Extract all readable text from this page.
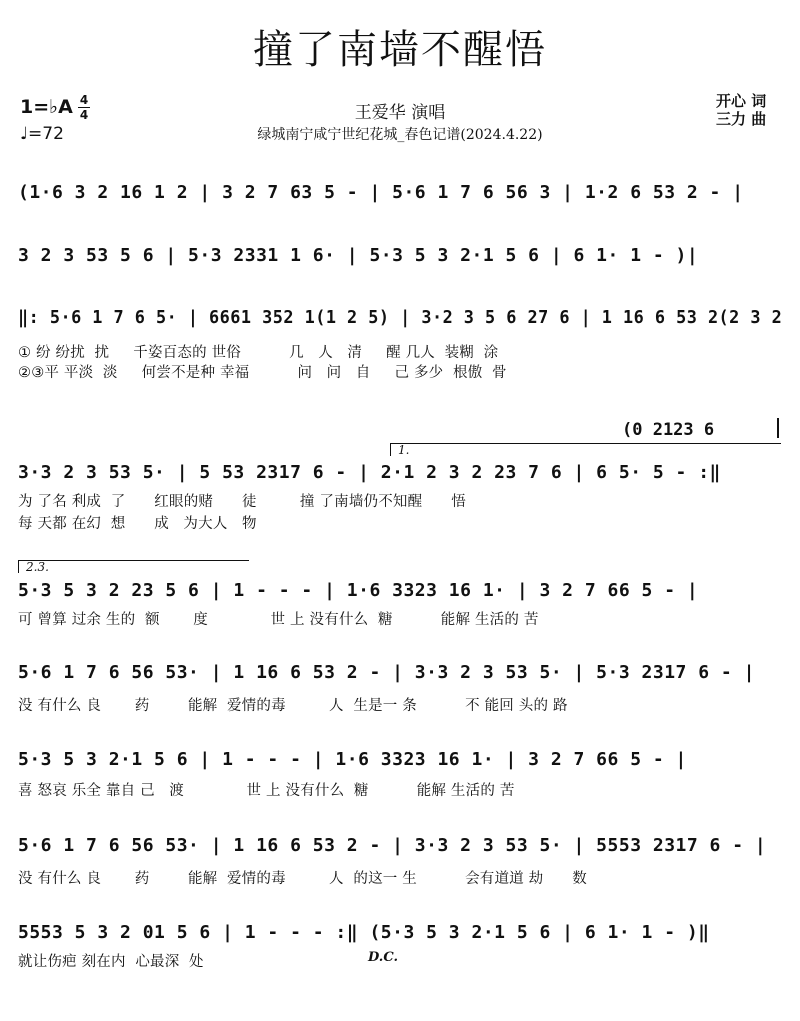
撞了南墙不醒悟
1=♭A 4
4
♩=72
王爱华 演唱
绿城南宁咸宁世纪花城_春色记谱(2024.4.22)
开心 词
三力 曲
(1·6 3 2 16 1 2 | 3 2 7 63 5 - | 5·6 1 7 6 56 3 | 1·2 6 53 2 - |
3 2 3 53 5 6 | 5·3 2331 1 6· | 5·3 5 3 2·1 5 6 | 6 1· 1 - )|
‖: 5·6 1 7 6 5· | 6661 352 1(1 2 5) | 3·2 3 5 6 27 6 | 1 16 6 53 2(2 3 2
① 纷 纷扰  扰     千姿百态的 世俗          几   人   清     醒 几人  装糊  涂
②③平 平淡  淡     何尝不是种 幸福          问   问   自     己 多少  根傲  骨
(0 2123 6
1.
3·3 2 3 53 5· | 5 53 2317 6 - | 2·1 2 3 2 23 7 6 | 6 5· 5 - :‖
为 了名 利成  了      红眼的赌      徒         撞 了南墙仍不知醒      悟
每 天都 在幻  想      成   为大人   物
2.3.
5·3 5 3 2 23 5 6 | 1 - - - | 1·6 3323 16 1· | 3 2 7 66 5 - |
可 曾算 过余 生的  额       度             世 上 没有什么  糖          能解 生活的 苦
5·6 1 7 6 56 53· | 1 16 6 53 2 - | 3·3 2 3 53 5· | 5·3 2317 6 - |
没 有什么 良       药        能解  爱情的毒         人  生是一 条          不 能回 头的 路
5·3 5 3 2·1 5 6 | 1 - - - | 1·6 3323 16 1· | 3 2 7 66 5 - |
喜 怒哀 乐全 靠自 己   渡             世 上 没有什么  糖          能解 生活的 苦
5·6 1 7 6 56 53· | 1 16 6 53 2 - | 3·3 2 3 53 5· | 5553 2317 6 - |
没 有什么 良       药        能解  爱情的毒         人  的这一 生          会有道道 劫      数
5553 5 3 2 01 5 6 | 1 - - - :‖ (5·3 5 3 2·1 5 6 | 6 1· 1 - )‖
就让伤疤 刻在内  心最深  处	D.C.
